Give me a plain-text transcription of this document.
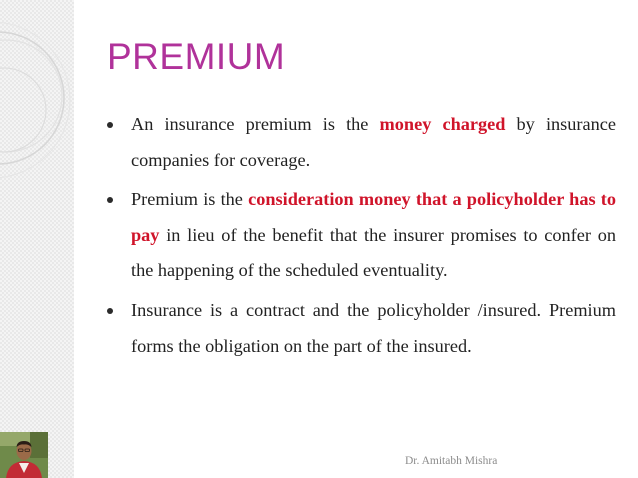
PREMIUM

An insurance premium is the money charged by insurance companies for coverage.

Premium is the consideration money that a policyholder has to pay in lieu of the benefit that the insurer promises to confer on the happening of the scheduled eventuality.

Insurance is a contract and the policyholder /insured. Premium forms the obligation on the part of the insured.

Dr. Amitabh Mishra
